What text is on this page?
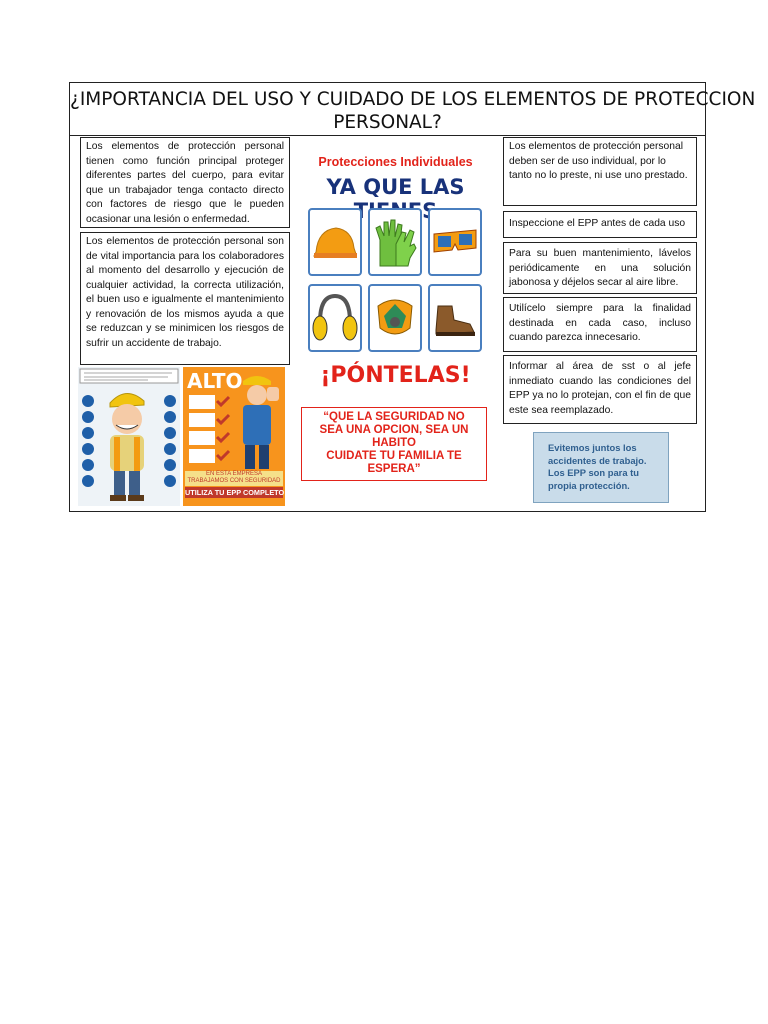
¿IMPORTANCIA DEL USO Y CUIDADO DE LOS ELEMENTOS DE PROTECCION
PERSONAL?
Los elementos de protección personal tienen como función principal proteger diferentes partes del cuerpo, para evitar que un trabajador tenga contacto directo con factores de riesgo que le pueden ocasionar una lesión o enfermedad.
Los elementos de protección personal son de vital importancia para los colaboradores al momento del desarrollo y ejecución de cualquier actividad, la correcta utilización, el buen uso e igualmente el mantenimiento y renovación de los mismos ayuda a que se reduzcan y se minimicen los riesgos de sufrir un accidente de trabajo.
Los elementos de protección personal deben ser de uso individual, por lo tanto no lo preste, ni use uno prestado.
Inspeccione el EPP antes de cada uso
Para su buen mantenimiento, lávelos periódicamente en una solución jabonosa y déjelos secar al aire libre.
Utilícelo siempre para la finalidad destinada en cada caso, incluso cuando parezca innecesario.
Informar al área de sst o al jefe inmediato cuando las condiciones del EPP ya no lo protejan, con el fin de que este sea reemplazado.
Protecciones Individuales
YA QUE LAS
¡PÓNTELAS!
“QUE LA SEGURIDAD NO
SEA UNA OPCION, SEA UN
HABITO
CUIDATE TU FAMILIA TE
ESPERA”
Evitemos juntos los
accidentes de trabajo.
Los EPP son para tu
propia protección.
ALTO
EN ESTA EMPRESA
TRABAJAMOS CON SEGURIDAD
UTILIZA TU EPP COMPLETO
